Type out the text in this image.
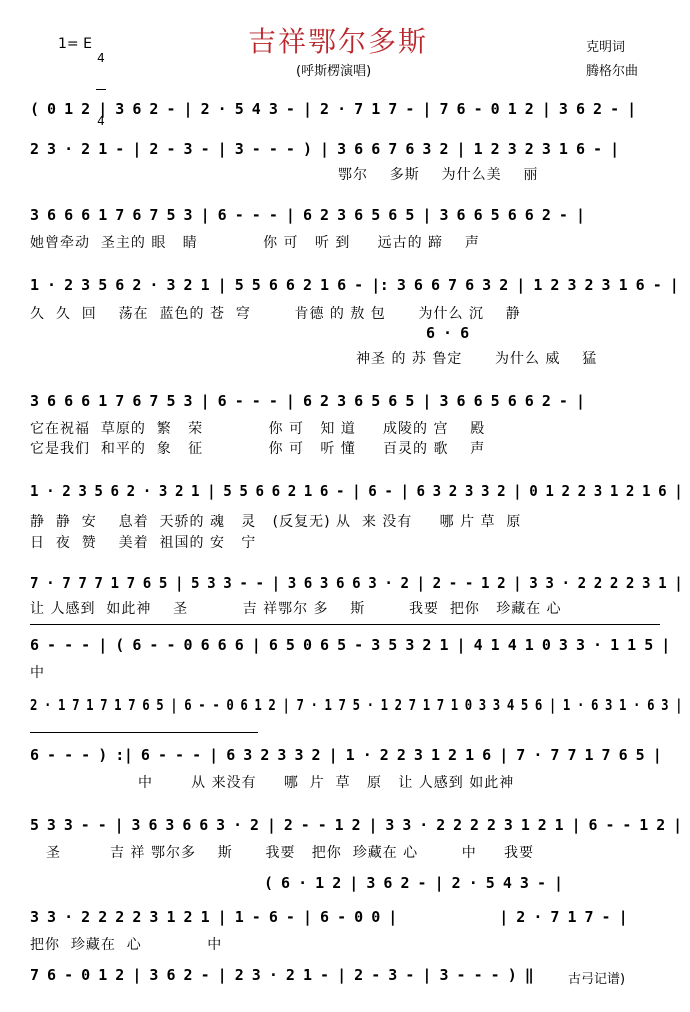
1= E

4

4

吉祥鄂尔多斯
(呼斯楞演唱)
克明词
腾格尔曲
( 0 1 2 | 3 6 2 - | 2 · 5 4 3 - | 2 · 7 1 7 - | 7 6 - 0 1 2 | 3 6 2 - |
2 3 · 2 1 - | 2 - 3 - | 3 - - - ) | 3 6 6 7 6 3 2 | 1 2 3 2 3 1 6 - |
鄂尔    多斯    为什么美    丽
3 6 6 6 1 7 6 7 5 3 | 6 - - - | 6 2 3 6 5 6 5 | 3 6 6 5 6 6 2 - |
她曾牵动  圣主的 眼   睛            你 可   听 到     远古的 蹄    声
1 · 2 3 5 6 2 · 3 2 1 | 5 5 6 6 2 1 6 - |: 3 6 6 7 6 3 2 | 1 2 3 2 3 1 6 - |
久  久  回    荡在  蓝色的 苍  穹        肯德 的 敖 包      为什么 沉    静
6 · 6
神圣 的 苏 鲁定      为什么 威    猛
3 6 6 6 1 7 6 7 5 3 | 6 - - - | 6 2 3 6 5 6 5 | 3 6 6 5 6 6 2 - |
它在祝福  草原的  繁   荣            你 可   知 道     成陵的 宫    殿
它是我们  和平的  象   征            你 可   听 懂     百灵的 歌    声
1 · 2 3 5 6 2 · 3 2 1 | 5 5 6 6 2 1 6 - | 6 - | 6 3 2 3 3 2 | 0 1 2 2 3 1 2 1 6 |
静  静  安    息着  天骄的 魂   灵   (反复无) 从  来 没有     哪 片 草  原
日  夜  赞    美着  祖国的 安   宁
7 · 7 7 7 1 7 6 5 | 5 3 3 - - | 3 6 3 6 6 3 · 2 | 2 - - 1 2 | 3 3 · 2 2 2 2 3 1 |
让 人感到  如此神    圣          吉 祥鄂尔 多    斯        我要  把你   珍藏在 心
6 - - - | ( 6 - - 0 6 6 6 | 6 5 0 6 5 - 3 5 3 2 1 | 4 1 4 1 0 3 3 · 1 1 5 |
中
2 · 1 7 1 7 1 7 6 5 | 6 - - 0 6 1 2 | 7 · 1 7 5 · 1 2 7 1 7 1 0 3 3 4 5 6 | 1 · 6 3 1 · 6 3 |
6 - - - ) :| 6 - - - | 6 3 2 3 3 2 | 1 · 2 2 3 1 2 1 6 | 7 · 7 7 1 7 6 5 |
中       从 来没有     哪  片  草   原   让 人感到 如此神
5 3 3 - - | 3 6 3 6 6 3 · 2 | 2 - - 1 2 | 3 3 · 2 2 2 2 3 1 2 1 | 6 - - 1 2 |
圣         吉 祥 鄂尔多    斯      我要   把你  珍藏在 心        中     我要
( 6 · 1 2 | 3 6 2 - | 2 · 5 4 3 - |
3 3 · 2 2 2 2 3 1 2 1 | 1 - 6 - | 6 - 0 0 |            | 2 · 7 1 7 - |
把你  珍藏在  心            中
7 6 - 0 1 2 | 3 6 2 - | 2 3 · 2 1 - | 2 - 3 - | 3 - - - ) ‖	古弓记谱)
